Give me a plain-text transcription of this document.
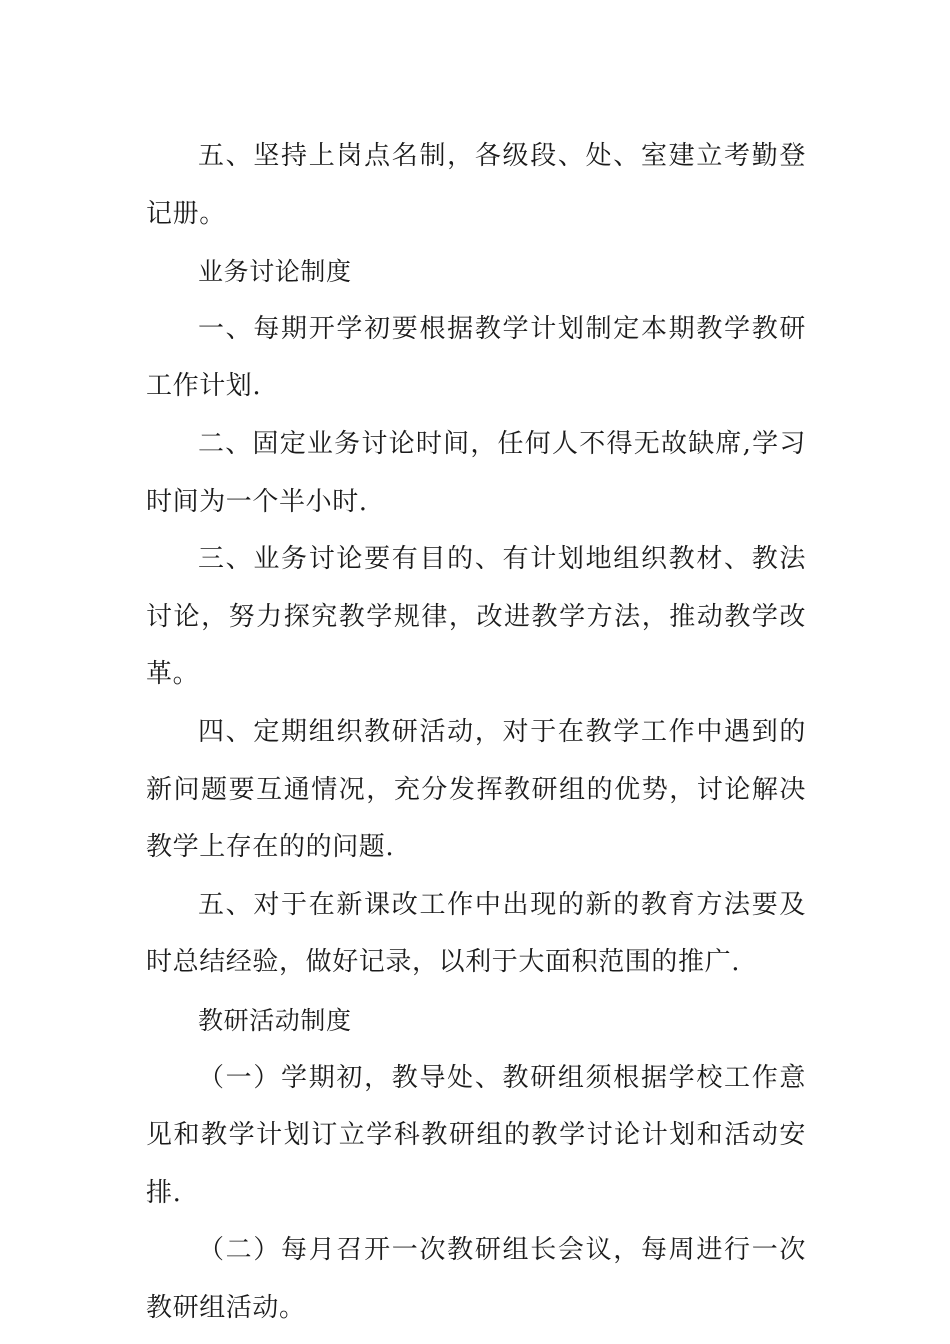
五、坚持上岗点名制，各级段、处、室建立考勤登记册。

业务讨论制度

一、每期开学初要根据教学计划制定本期教学教研工作计划.

二、固定业务讨论时间，任何人不得无故缺席,学习时间为一个半小时.

三、业务讨论要有目的、有计划地组织教材、教法讨论，努力探究教学规律，改进教学方法，推动教学改革。

四、定期组织教研活动，对于在教学工作中遇到的新问题要互通情况，充分发挥教研组的优势，讨论解决教学上存在的的问题.

五、对于在新课改工作中出现的新的教育方法要及时总结经验，做好记录，以利于大面积范围的推广.

教研活动制度

（一）学期初，教导处、教研组须根据学校工作意见和教学计划订立学科教研组的教学讨论计划和活动安排.

（二）每月召开一次教研组长会议，每周进行一次教研组活动。
